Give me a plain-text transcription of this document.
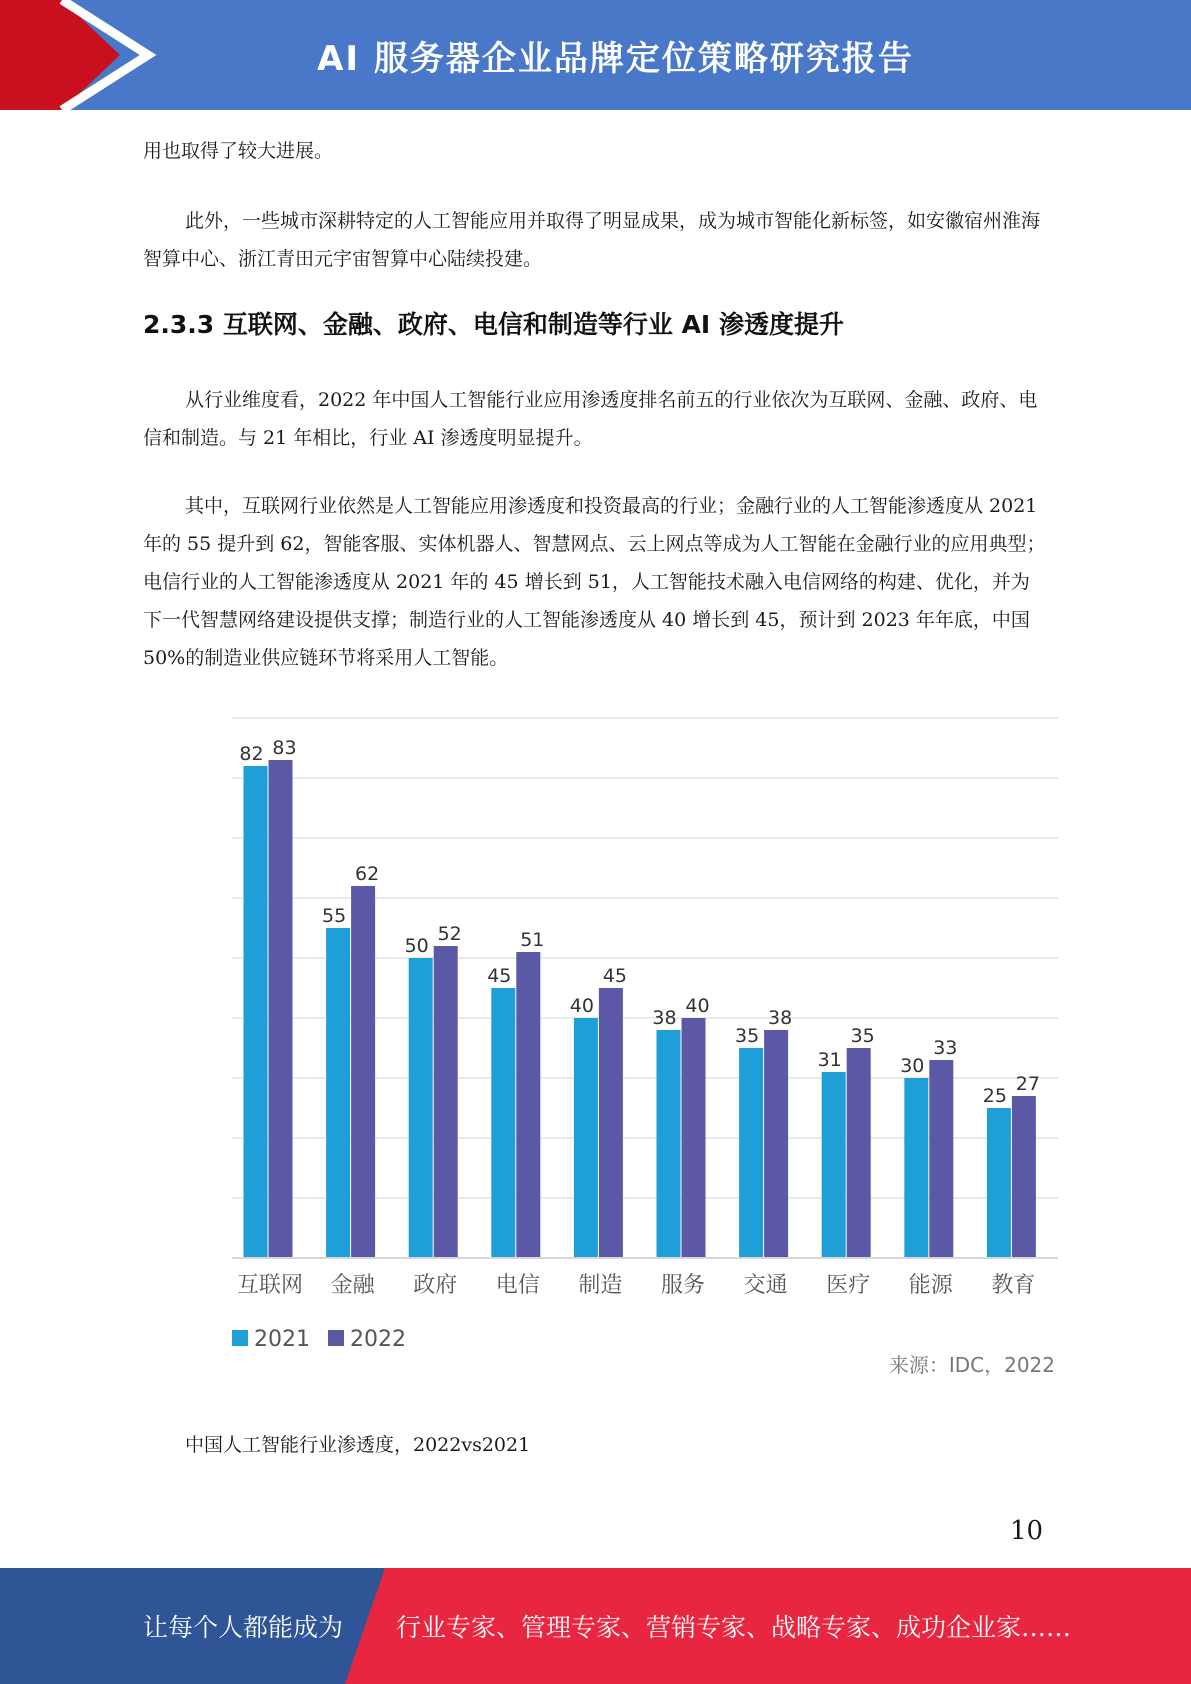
AI 服务器企业品牌定位策略研究报告

用也取得了较大进展。

此外，一些城市深耕特定的人工智能应用并取得了明显成果，成为城市智能化新标签，如安徽宿州淮海智算中心、浙江青田元宇宙智算中心陆续投建。

2.3.3 互联网、金融、政府、电信和制造等行业 AI 渗透度提升

从行业维度看，2022 年中国人工智能行业应用渗透度排名前五的行业依次为互联网、金融、政府、电信和制造。与 21 年相比，行业 AI 渗透度明显提升。

其中，互联网行业依然是人工智能应用渗透度和投资最高的行业；金融行业的人工智能渗透度从 2021 年的 55 提升到 62，智能客服、实体机器人、智慧网点、云上网点等成为人工智能在金融行业的应用典型；电信行业的人工智能渗透度从 2021 年的 45 增长到 51，人工智能技术融入电信网络的构建、优化，并为下一代智慧网络建设提供支撑；制造行业的人工智能渗透度从 40 增长到 45，预计到 2023 年年底，中国 50%的制造业供应链环节将采用人工智能。

82 83
互联网
55
62
金融
50
52
政府
45
51
电信
40
45
制造
38
40
服务
35
38
交通
31
35
医疗
30
33
能源
25
27
教育
2021 2022
来源：IDC，2022

中国人工智能行业渗透度，2022vs2021

10
让每个人都能成为 行业专家、管理专家、营销专家、战略专家、成功企业家……
